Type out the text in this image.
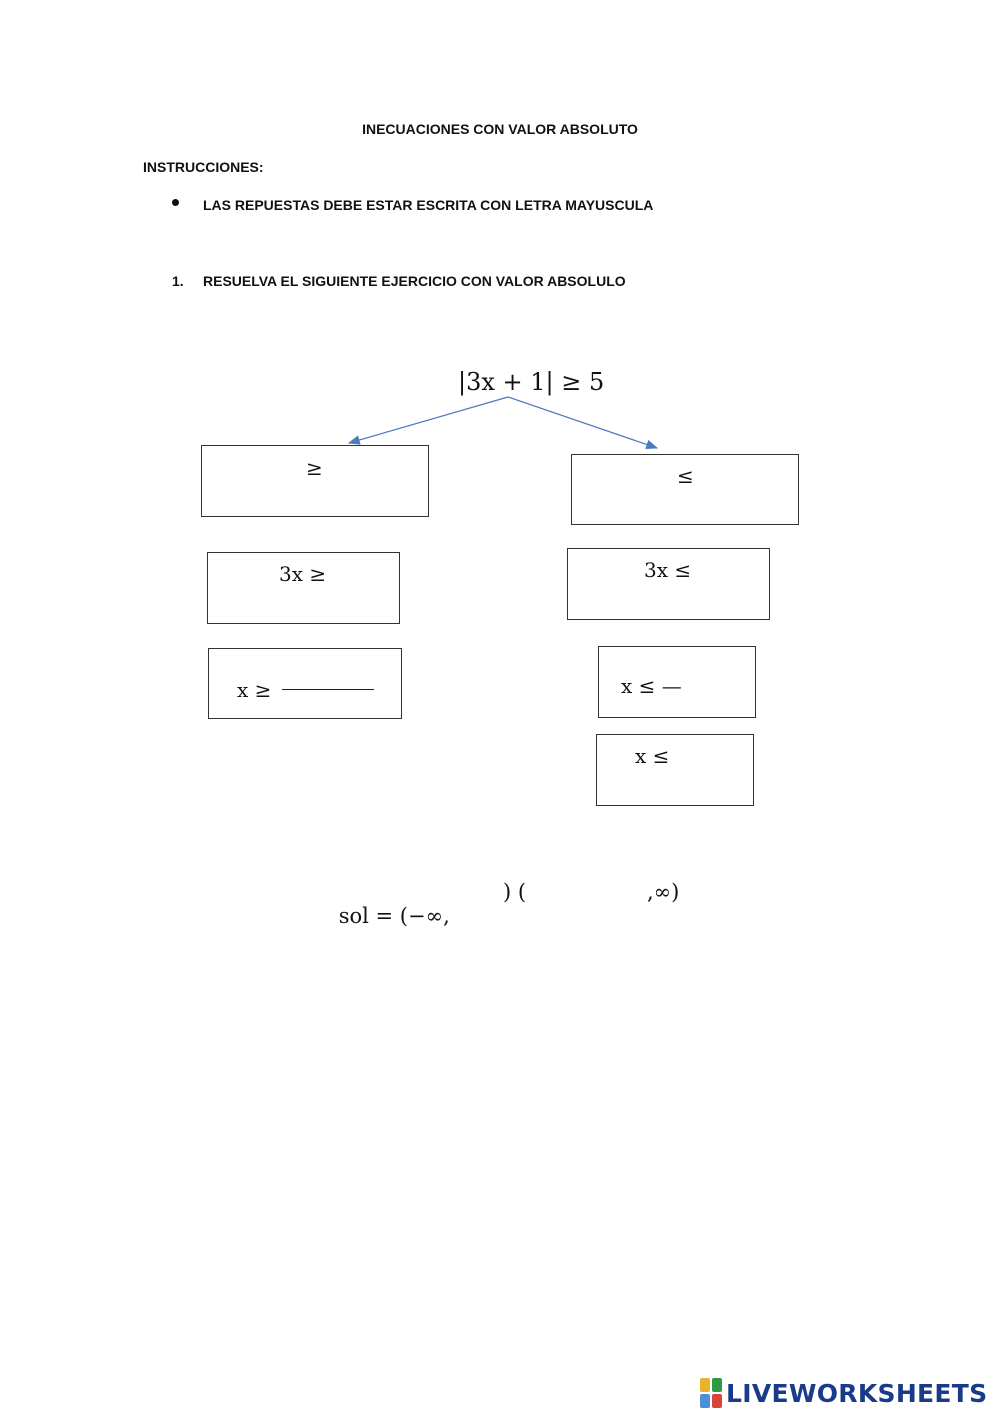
INECUACIONES CON VALOR ABSOLUTO
INSTRUCCIONES:
LAS REPUESTAS DEBE ESTAR ESCRITA CON LETRA MAYUSCULA
1. RESUELVA EL SIGUIENTE EJERCICIO CON VALOR ABSOLULO
|3x + 1| ≥ 5
≥
3x ≥
x ≥
≤
3x ≤
x ≤ —
x ≤

sol = (−∞,

) (	,∞)
LIVEWORKSHEETS
